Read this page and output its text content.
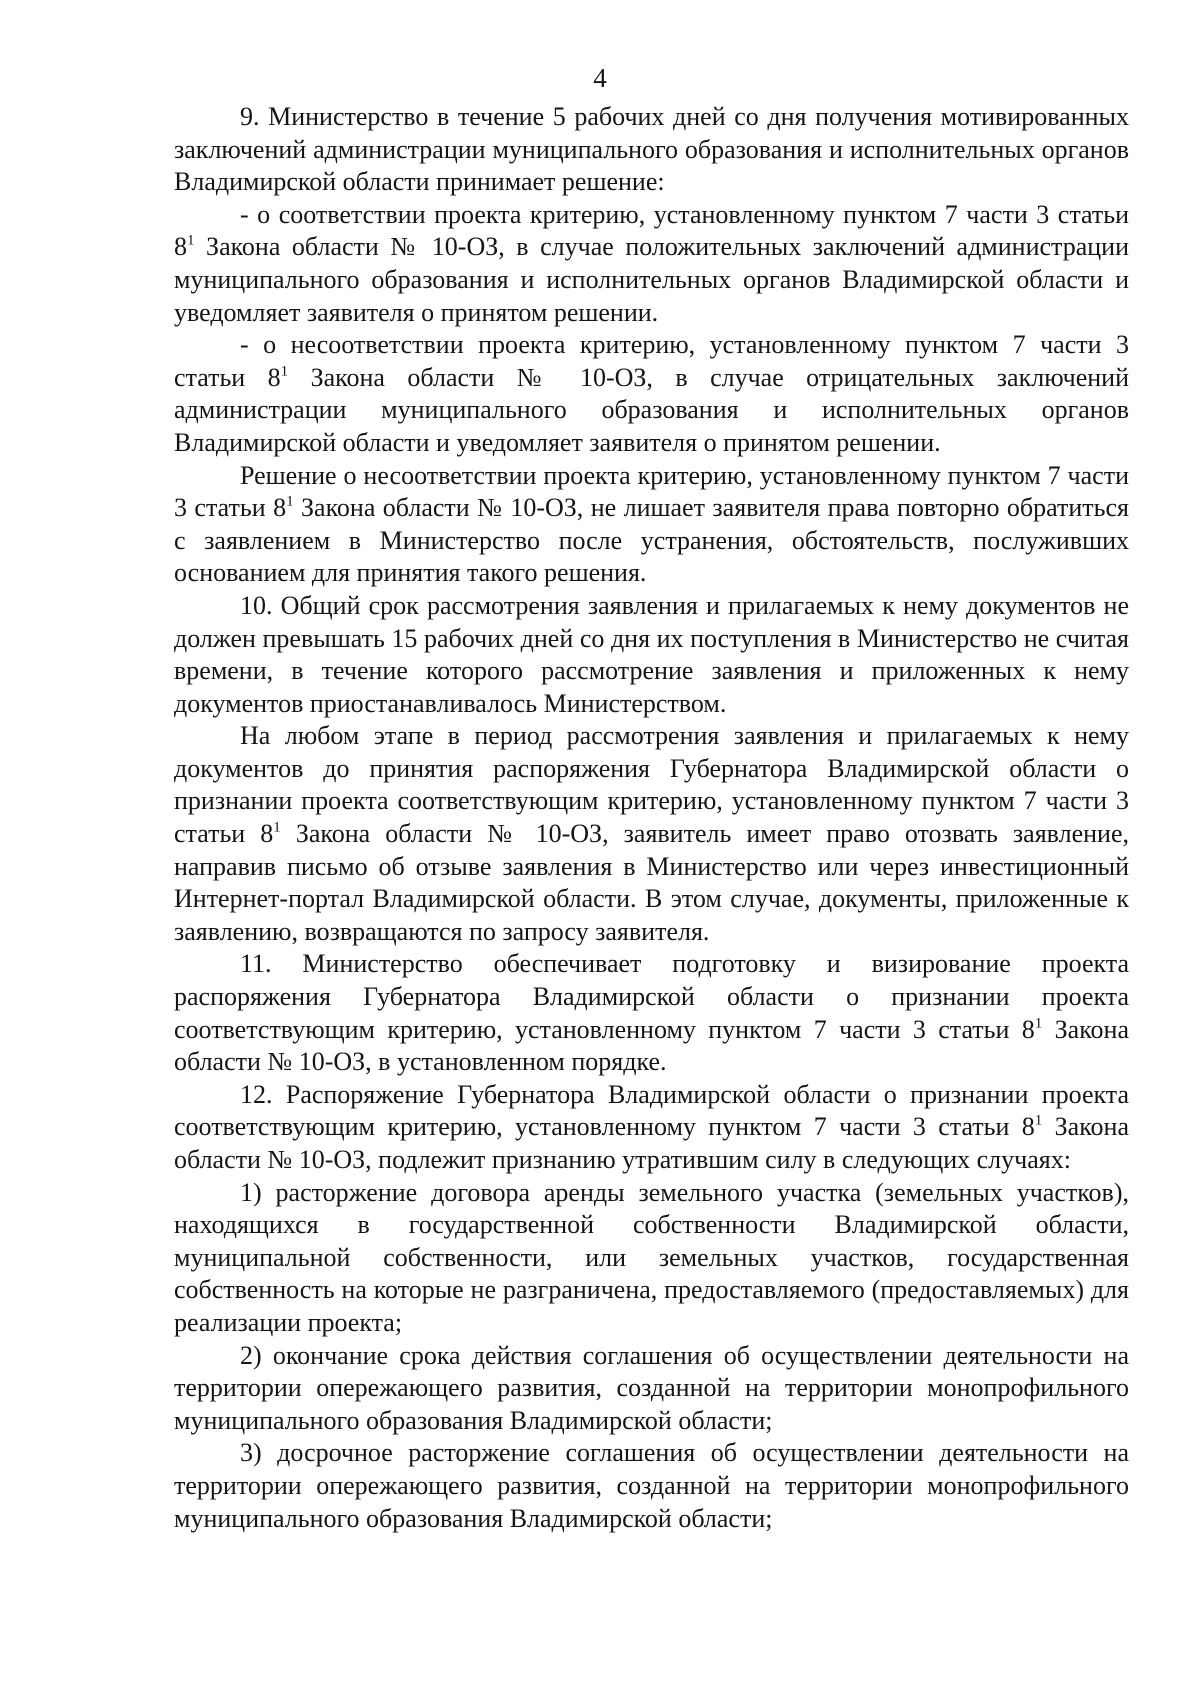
4

9. Министерство в течение 5 рабочих дней со дня получения мотивированных заключений администрации муниципального образования и исполнительных органов Владимирской области принимает решение:

- о соответствии проекта критерию, установленному пунктом 7 части 3 статьи $8^1$ Закона области № 10-ОЗ, в случае положительных заключений администрации муниципального образования и исполнительных органов Владимирской области и уведомляет заявителя о принятом решении.

- о несоответствии проекта критерию, установленному пунктом 7 части 3 статьи $8^1$ Закона области № 10-ОЗ, в случае отрицательных заключений администрации муниципального образования и исполнительных органов Владимирской области и уведомляет заявителя о принятом решении.

Решение о несоответствии проекта критерию, установленному пунктом 7 части 3 статьи $8^1$ Закона области № 10-ОЗ, не лишает заявителя права повторно обратиться с заявлением в Министерство после устранения, обстоятельств, послуживших основанием для принятия такого решения.

10. Общий срок рассмотрения заявления и прилагаемых к нему документов не должен превышать 15 рабочих дней со дня их поступления в Министерство не считая времени, в течение которого рассмотрение заявления и приложенных к нему документов приостанавливалось Министерством.

На любом этапе в период рассмотрения заявления и прилагаемых к нему документов до принятия распоряжения Губернатора Владимирской области о признании проекта соответствующим критерию, установленному пунктом 7 части 3 статьи $8^1$ Закона области № 10-ОЗ, заявитель имеет право отозвать заявление, направив письмо об отзыве заявления в Министерство или через инвестиционный Интернет-портал Владимирской области. В этом случае, документы, приложенные к заявлению, возвращаются по запросу заявителя.

11. Министерство обеспечивает подготовку и визирование проекта распоряжения Губернатора Владимирской области о признании проекта соответствующим критерию, установленному пунктом 7 части 3 статьи $8^1$ Закона области № 10-ОЗ, в установленном порядке.

12. Распоряжение Губернатора Владимирской области о признании проекта соответствующим критерию, установленному пунктом 7 части 3 статьи $8^1$ Закона области № 10-ОЗ, подлежит признанию утратившим силу в следующих случаях:

1) расторжение договора аренды земельного участка (земельных участков), находящихся в государственной собственности Владимирской области, муниципальной собственности, или земельных участков, государственная собственность на которые не разграничена, предоставляемого (предоставляемых) для реализации проекта;

2) окончание срока действия соглашения об осуществлении деятельности на территории опережающего развития, созданной на территории монопрофильного муниципального образования Владимирской области;

3) досрочное расторжение соглашения об осуществлении деятельности на территории опережающего развития, созданной на территории монопрофильного муниципального образования Владимирской области;
